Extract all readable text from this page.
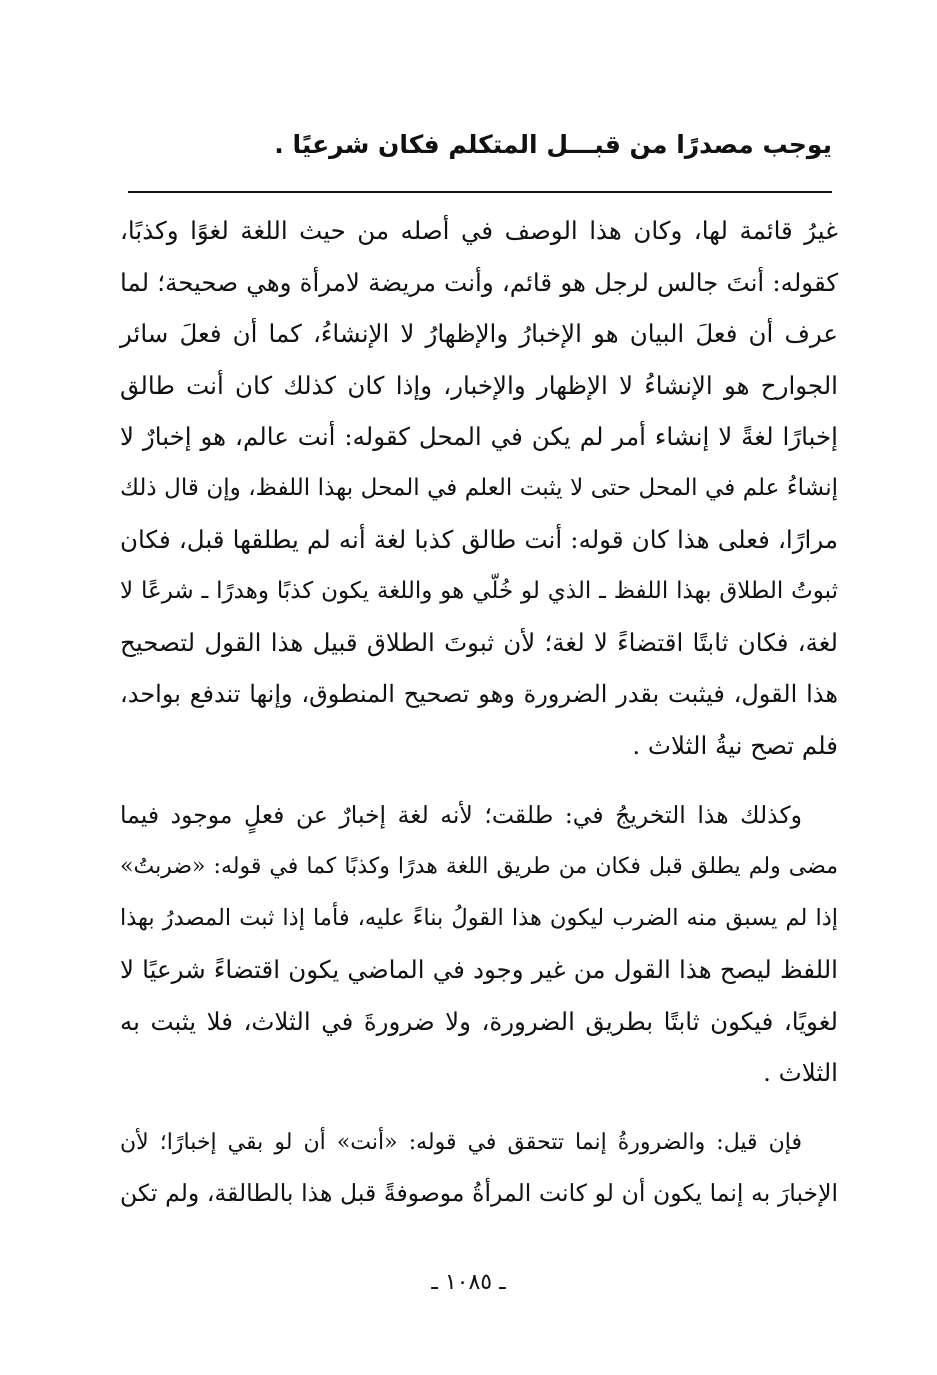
يوجب مصدرًا من قبـــل المتكلم فكان شرعيًا .

غيرُ قائمة لها، وكان هذا الوصف في أصله من حيث اللغة لغوًا وكذبًا،
كقوله: أنتَ جالس لرجل هو قائم، وأنت مريضة لامرأة وهي صحيحة؛ لما
عرف أن فعلَ البيان هو الإخبارُ والإظهارُ لا الإنشاءُ، كما أن فعلَ سائر
الجوارح هو الإنشاءُ لا الإظهار والإخبار، وإذا كان كذلك كان أنت طالق
إخبارًا لغةً لا إنشاء أمر لم يكن في المحل كقوله: أنت عالم، هو إخبارٌ لا
إنشاءُ علم في المحل حتى لا يثبت العلم في المحل بهذا اللفظ، وإن قال ذلك
مرارًا، فعلى هذا كان قوله: أنت طالق كذبا لغة أنه لم يطلقها قبل، فكان
ثبوتُ الطلاق بهذا اللفظ ـ الذي لو خُلّي هو واللغة يكون كذبًا وهدرًا ـ شرعًا لا
لغة، فكان ثابتًا اقتضاءً لا لغة؛ لأن ثبوتَ الطلاق قبيل هذا القول لتصحيح
هذا القول، فيثبت بقدر الضرورة وهو تصحيح المنطوق، وإنها تندفع بواحد،
فلم تصح نيةُ الثلاث .

وكذلك هذا التخريجُ في: طلقت؛ لأنه لغة إخبارٌ عن فعلٍ موجود فيما
مضى ولم يطلق قبل فكان من طريق اللغة هدرًا وكذبًا كما في قوله: «ضربتُ»
إذا لم يسبق منه الضرب ليكون هذا القولُ بناءً عليه، فأما إذا ثبت المصدرُ بهذا
اللفظ ليصح هذا القول من غير وجود في الماضي يكون اقتضاءً شرعيًا لا
لغويًا، فيكون ثابتًا بطريق الضرورة، ولا ضرورةَ في الثلاث، فلا يثبت به
الثلاث .

فإن قيل: والضرورةُ إنما تتحقق في قوله: «أنت» أن لو بقي إخبارًا؛ لأن
الإخبارَ به إنما يكون أن لو كانت المرأةُ موصوفةً قبل هذا بالطالقة، ولم تكن

ـ ١٠٨٥ ـ
